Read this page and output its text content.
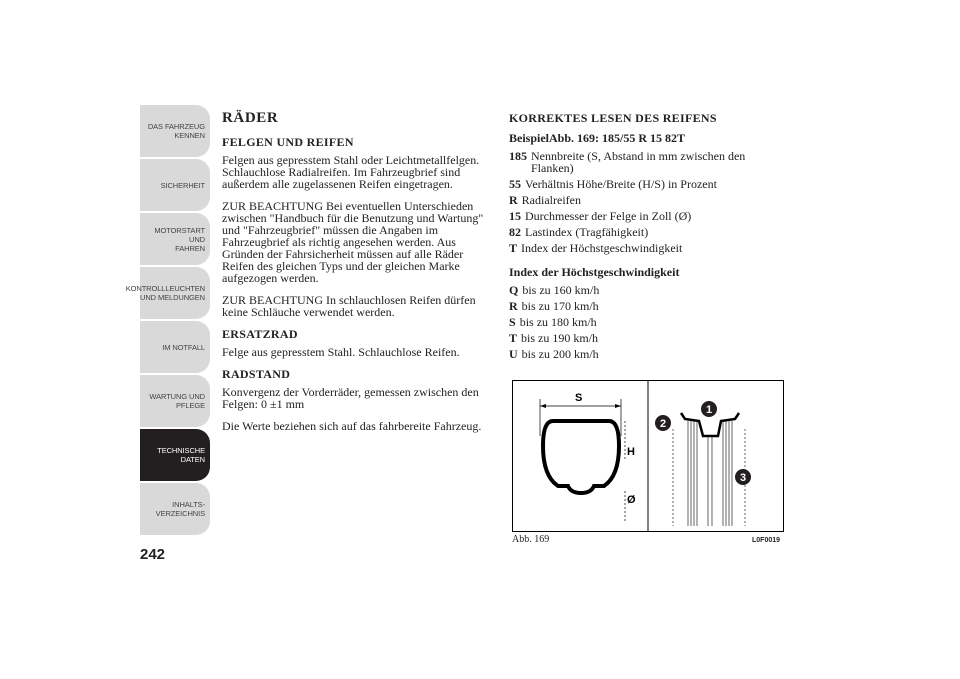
DAS FAHRZEUG
KENNEN
SICHERHEIT
MOTORSTART UND
FAHREN
KONTROLLLEUCHTEN
UND MELDUNGEN
IM NOTFALL
WARTUNG UND
PFLEGE
TECHNISCHE
DATEN
INHALTS-
VERZEICHNIS
242
RÄDER
FELGEN UND REIFEN

Felgen aus gepresstem Stahl oder Leichtmetallfelgen. Schlauchlose Radialreifen. Im Fahrzeugbrief sind außerdem alle zugelassenen Reifen eingetragen.

ZUR BEACHTUNG Bei eventuellen Unterschieden zwischen "Handbuch für die Benutzung und Wartung" und "Fahrzeugbrief" müssen die Angaben im Fahrzeugbrief als richtig angesehen werden. Aus Gründen der Fahrsicherheit müssen auf alle Räder Reifen des gleichen Typs und der gleichen Marke aufgezogen werden.

ZUR BEACHTUNG In schlauchlosen Reifen dürfen keine Schläuche verwendet werden.

ERSATZRAD

Felge aus gepresstem Stahl. Schlauchlose Reifen.

RADSTAND

Konvergenz der Vorderräder, gemessen zwischen den Felgen: 0 ±1 mm

Die Werte beziehen sich auf das fahrbereite Fahrzeug.

KORREKTES LESEN DES REIFENS
BeispielAbb. 169: 185/55 R 15 82T
185 Nennbreite (S, Abstand in mm zwischen den Flanken)
55 Verhältnis Höhe/Breite (H/S) in Prozent
R Radialreifen
15 Durchmesser der Felge in Zoll (Ø)
82 Lastindex (Tragfähigkeit)
T Index der Höchstgeschwindigkeit
Index der Höchstgeschwindigkeit
Q bis zu 160 km/h
R bis zu 170 km/h
S bis zu 180 km/h
T bis zu 190 km/h
U bis zu 200 km/h
S
H
Ø
1
2
3
Abb. 169	L0F0019
